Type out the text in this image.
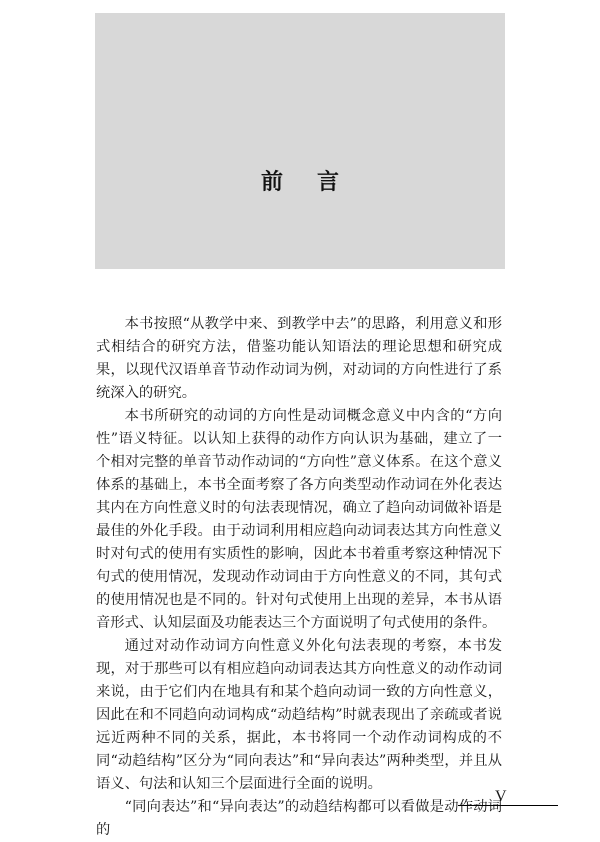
前言

本书按照“从教学中来、到教学中去”的思路，利用意义和形式相结合的研究方法，借鉴功能认知语法的理论思想和研究成果，以现代汉语单音节动作动词为例，对动词的方向性进行了系统深入的研究。

本书所研究的动词的方向性是动词概念意义中内含的“方向性”语义特征。以认知上获得的动作方向认识为基础，建立了一个相对完整的单音节动作动词的“方向性”意义体系。在这个意义体系的基础上，本书全面考察了各方向类型动作动词在外化表达其内在方向性意义时的句法表现情况，确立了趋向动词做补语是最佳的外化手段。由于动词利用相应趋向动词表达其方向性意义时对句式的使用有实质性的影响，因此本书着重考察这种情况下句式的使用情况，发现动作动词由于方向性意义的不同，其句式的使用情况也是不同的。针对句式使用上出现的差异，本书从语音形式、认知层面及功能表达三个方面说明了句式使用的条件。

通过对动作动词方向性意义外化句法表现的考察，本书发现，对于那些可以有相应趋向动词表达其方向性意义的动作动词来说，由于它们内在地具有和某个趋向动词一致的方向性意义，因此在和不同趋向动词构成“动趋结构”时就表现出了亲疏或者说远近两种不同的关系，据此，本书将同一个动作动词构成的不同“动趋结构”区分为“同向表达”和“异向表达”两种类型，并且从语义、句法和认知三个层面进行全面的说明。

“同向表达”和“异向表达”的动趋结构都可以看做是动作动词的

V
